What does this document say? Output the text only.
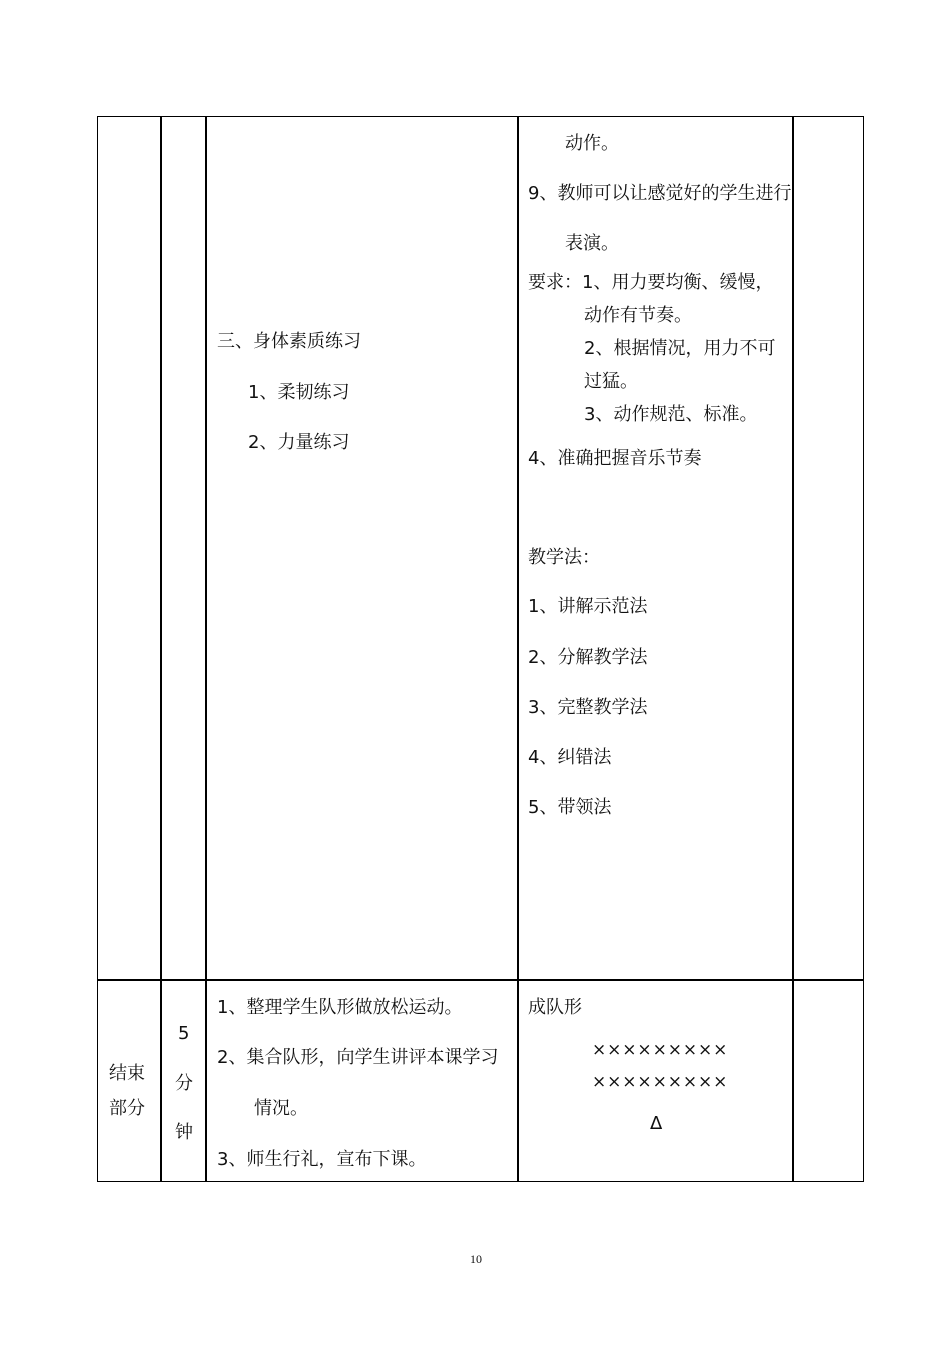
三、身体素质练习
1、柔韧练习
2、力量练习
动作。
9、教师可以让感觉好的学生进行
表演。
要求：1、用力要均衡、缓慢，
动作有节奏。
2、根据情况，用力不可
过猛。
3、动作规范、标准。
4、准确把握音乐节奏
教学法：
1、讲解示范法
2、分解教学法
3、完整教学法
4、纠错法
5、带领法
结束
部分
5
分
钟
1、整理学生队形做放松运动。
2、集合队形，向学生讲评本课学习
情况。
3、师生行礼，宣布下课。
成队形
×××××××××
×××××××××
Δ
10
